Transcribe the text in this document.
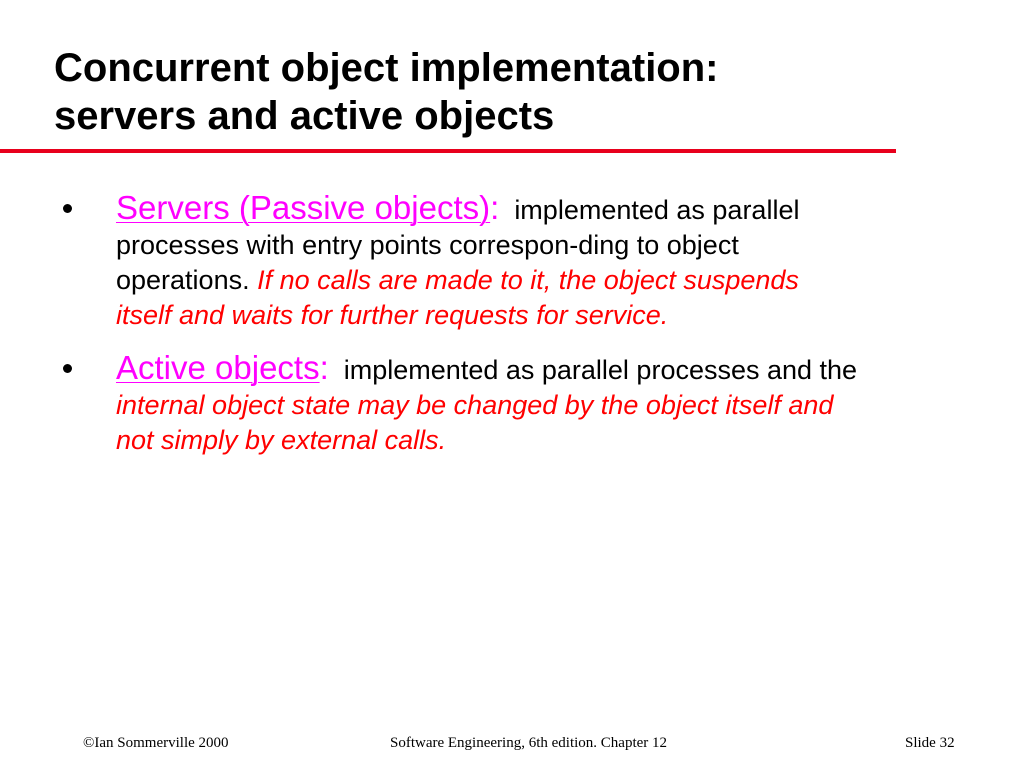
Concurrent object implementation:
servers and active objects
Servers (Passive objects): implemented as parallel processes with entry points correspon-ding to object operations. If no calls are made to it, the object suspends itself and waits for further requests for service.
Active objects: implemented as parallel processes and the internal object state may be changed by the object itself and not simply by external calls.
©Ian Sommerville 2000	Software Engineering, 6th edition. Chapter 12	Slide 32
